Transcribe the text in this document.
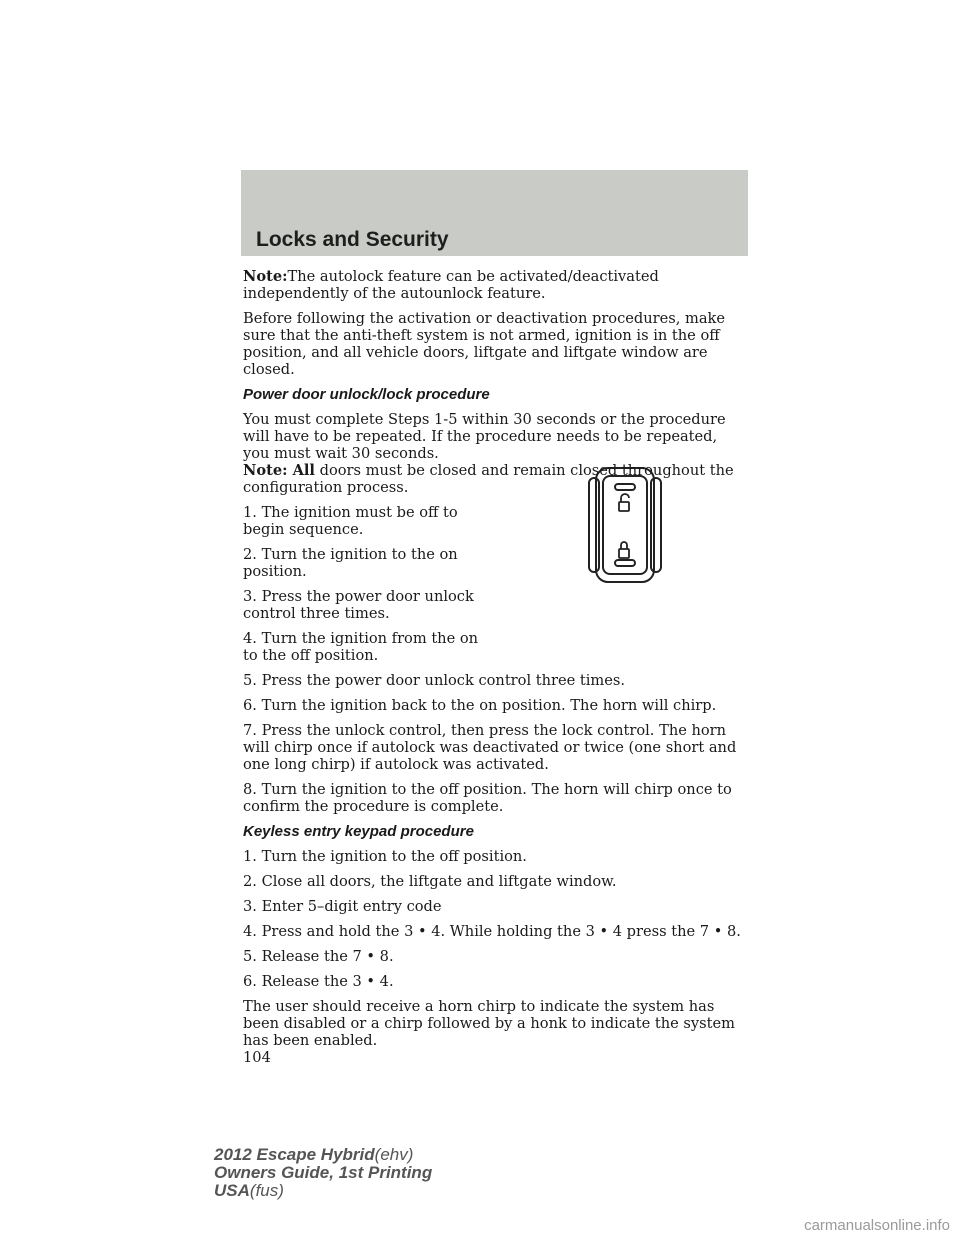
Locks and Security

Note:The autolock feature can be activated/deactivated independently of the autounlock feature.

Before following the activation or deactivation procedures, make sure that the anti-theft system is not armed, ignition is in the off position, and all vehicle doors, liftgate and liftgate window are closed.

Power door unlock/lock procedure

You must complete Steps 1-5 within 30 seconds or the procedure will have to be repeated. If the procedure needs to be repeated, you must wait 30 seconds.

Note: All doors must be closed and remain closed throughout the configuration process.

1. The ignition must be off to begin sequence.

2. Turn the ignition to the on position.

3. Press the power door unlock control three times.

4. Turn the ignition from the on to the off position.

5. Press the power door unlock control three times.

6. Turn the ignition back to the on position. The horn will chirp.

7. Press the unlock control, then press the lock control. The horn will chirp once if autolock was deactivated or twice (one short and one long chirp) if autolock was activated.

8. Turn the ignition to the off position. The horn will chirp once to confirm the procedure is complete.

Keyless entry keypad procedure

1. Turn the ignition to the off position.

2. Close all doors, the liftgate and liftgate window.

3. Enter 5–digit entry code

4. Press and hold the 3 • 4. While holding the 3 • 4 press the 7 • 8.

5. Release the 7 • 8.

6. Release the 3 • 4.

The user should receive a horn chirp to indicate the system has been disabled or a chirp followed by a honk to indicate the system has been enabled.

104

2012 Escape Hybrid(ehv)
Owners Guide, 1st Printing
USA(fus)
carmanualsonline.info
